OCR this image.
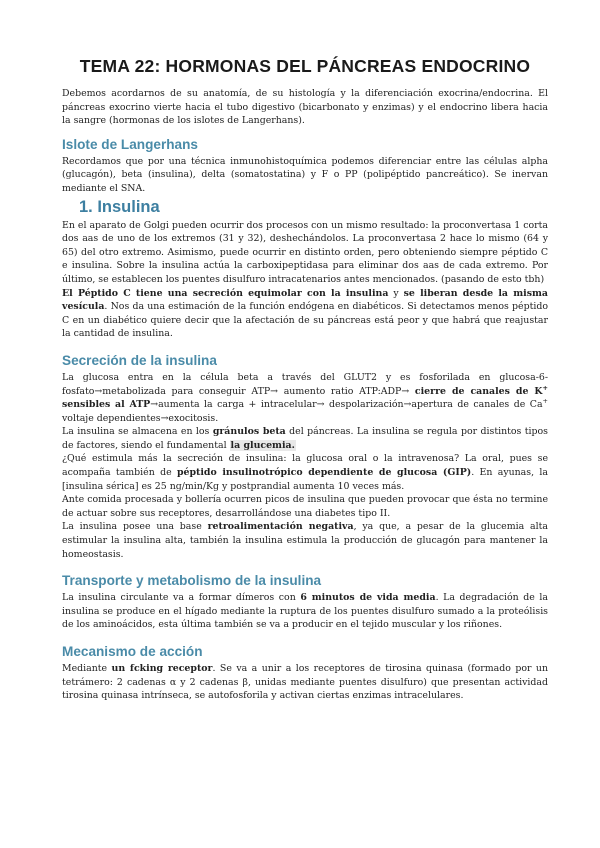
TEMA 22: HORMONAS DEL PÁNCREAS ENDOCRINO

Debemos acordarnos de su anatomía, de su histología y la diferenciación exocrina/endocrina. El páncreas exocrino vierte hacia el tubo digestivo (bicarbonato y enzimas) y el endocrino libera hacia la sangre (hormonas de los islotes de Langerhans).

Islote de Langerhans

Recordamos que por una técnica inmunohistoquímica podemos diferenciar entre las células alpha (glucagón), beta (insulina), delta (somatostatina) y F o PP (polipéptido pancreático). Se inervan mediante el SNA.

1. Insulina

En el aparato de Golgi pueden ocurrir dos procesos con un mismo resultado: la proconvertasa 1 corta dos aas de uno de los extremos (31 y 32), deshechándolos. La proconvertasa 2 hace lo mismo (64 y 65) del otro extremo. Asimismo, puede ocurrir en distinto orden, pero obteniendo siempre péptido C e insulina. Sobre la insulina actúa la carboxipeptidasa para eliminar dos aas de cada extremo. Por último, se establecen los puentes disulfuro intracatenarios antes mencionados. (pasando de esto tbh)

El Péptido C tiene una secreción equimolar con la insulina y se liberan desde la misma vesícula. Nos da una estimación de la función endógena en diabéticos. Si detectamos menos péptido C en un diabético quiere decir que la afectación de su páncreas está peor y que habrá que reajustar la cantidad de insulina.

Secreción de la insulina

La glucosa entra en la célula beta a través del GLUT2 y es fosforilada en glucosa-6-fosfato→metabolizada para conseguir ATP→ aumento ratio ATP:ADP→ cierre de canales de K+ sensibles al ATP→aumenta la carga + intracelular→ despolarización→apertura de canales de Ca+ voltaje dependientes→exocitosis.

La insulina se almacena en los gránulos beta del páncreas. La insulina se regula por distintos tipos de factores, siendo el fundamental la glucemia.

¿Qué estimula más la secreción de insulina: la glucosa oral o la intravenosa? La oral, pues se acompaña también de péptido insulinotrópico dependiente de glucosa (GIP). En ayunas, la [insulina sérica] es 25 ng/min/Kg y postprandial aumenta 10 veces más.

Ante comida procesada y bollería ocurren picos de insulina que pueden provocar que ésta no termine de actuar sobre sus receptores, desarrollándose una diabetes tipo II.

La insulina posee una base retroalimentación negativa, ya que, a pesar de la glucemia alta estimular la insulina alta, también la insulina estimula la producción de glucagón para mantener la homeostasis.

Transporte y metabolismo de la insulina

La insulina circulante va a formar dímeros con 6 minutos de vida media. La degradación de la insulina se produce en el hígado mediante la ruptura de los puentes disulfuro sumado a la proteólisis de los aminoácidos, esta última también se va a producir en el tejido muscular y los riñones.

Mecanismo de acción

Mediante un fcking receptor. Se va a unir a los receptores de tirosina quinasa (formado por un tetrámero: 2 cadenas α y 2 cadenas β, unidas mediante puentes disulfuro) que presentan actividad tirosina quinasa intrínseca, se autofosforila y activan ciertas enzimas intracelulares.
